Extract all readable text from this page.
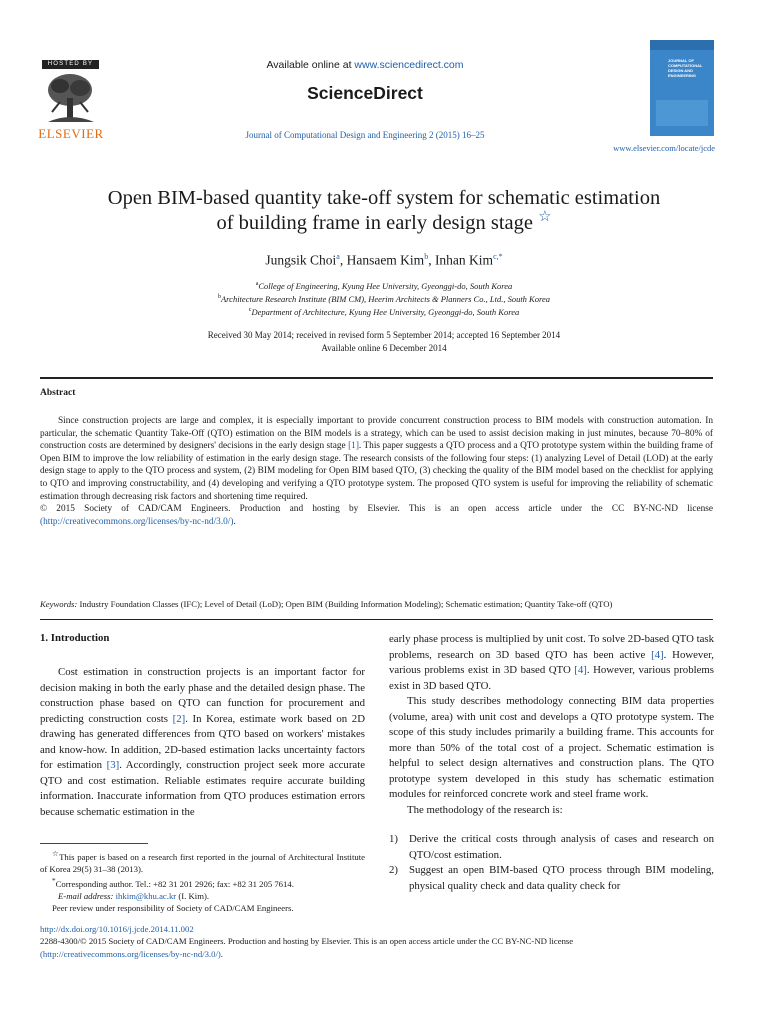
HOSTED BY
ELSEVIER
Available online at www.sciencedirect.com
ScienceDirect
Journal of Computational Design and Engineering 2 (2015) 16–25
JOURNAL OF COMPUTATIONAL DESIGN AND ENGINEERING
www.elsevier.com/locate/jcde
Open BIM-based quantity take-off system for schematic estimation
of building frame in early design stage ☆
Jungsik Choi$^a$, Hansaem Kim$^b$, Inhan Kim$^{c,*}$
$^a$College of Engineering, Kyung Hee University, Gyeonggi-do, South Korea
$^b$Architecture Research Institute (BIM CM), Heerim Architects & Planners Co., Ltd., South Korea
$^c$Department of Architecture, Kyung Hee University, Gyeonggi-do, South Korea
Received 30 May 2014; received in revised form 5 September 2014; accepted 16 September 2014
Available online 6 December 2014
Abstract

Since construction projects are large and complex, it is especially important to provide concurrent construction process to BIM models with construction automation. In particular, the schematic Quantity Take-Off (QTO) estimation on the BIM models is a strategy, which can be used to assist decision making in just minutes, because 70–80% of construction costs are determined by designers' decisions in the early design stage [1]. This paper suggests a QTO process and a QTO prototype system within the building frame of Open BIM to improve the low reliability of estimation in the early design stage. The research consists of the following four steps: (1) analyzing Level of Detail (LOD) at the early design stage to apply to the QTO process and system, (2) BIM modeling for Open BIM based QTO, (3) checking the quality of the BIM model based on the checklist for applying to QTO and improving constructability, and (4) developing and verifying a QTO prototype system. The proposed QTO system is useful for improving the reliability of schematic estimation through decreasing risk factors and shortening time required.

© 2015 Society of CAD/CAM Engineers. Production and hosting by Elsevier. This is an open access article under the CC BY-NC-ND license (http://creativecommons.org/licenses/by-nc-nd/3.0/).

Keywords: Industry Foundation Classes (IFC); Level of Detail (LoD); Open BIM (Building Information Modeling); Schematic estimation; Quantity Take-off (QTO)
1. Introduction

Cost estimation in construction projects is an important factor for decision making in both the early phase and the detailed design phase. The construction phase based on QTO can function for procurement and predicting construction costs [2]. In Korea, estimate work based on 2D drawing has generated differences from QTO based on workers' mistakes and know-how. In addition, 2D-based estimation lacks uncertainty factors for estimation [3]. Accordingly, construction project seek more accurate QTO and cost estimation. Reliable estimates require accurate building information. Inaccurate information from QTO produces estimation errors because schematic estimation in the

☆This paper is based on a research first reported in the journal of Architectural Institute of Korea 29(5) 31–38 (2013).

*Corresponding author. Tel.: +82 31 201 2926; fax: +82 31 205 7614.

E-mail address: ihkim@khu.ac.kr (I. Kim).

Peer review under responsibility of Society of CAD/CAM Engineers.

early phase process is multiplied by unit cost. To solve 2D-based QTO task problems, research on 3D based QTO has been active [4]. However, various problems exist in 3D based QTO [4]. However, various problems exist in 3D based QTO.

This study describes methodology connecting BIM data properties (volume, area) with unit cost and develops a QTO prototype system. The scope of this study includes primarily a building frame. This accounts for more than 50% of the total cost of a project. Schematic estimation is helpful to select design alternatives and construction plans. The QTO prototype system developed in this study has schematic estimation modules for reinforced concrete work and steel frame work.

The methodology of the research is:

1)	Derive the critical costs through analysis of cases and research on QTO/cost estimation.
2)	Suggest an open BIM-based QTO process through BIM modeling, physical quality check and data quality check for
http://dx.doi.org/10.1016/j.jcde.2014.11.002
2288-4300/© 2015 Society of CAD/CAM Engineers. Production and hosting by Elsevier. This is an open access article under the CC BY-NC-ND license
(http://creativecommons.org/licenses/by-nc-nd/3.0/).
